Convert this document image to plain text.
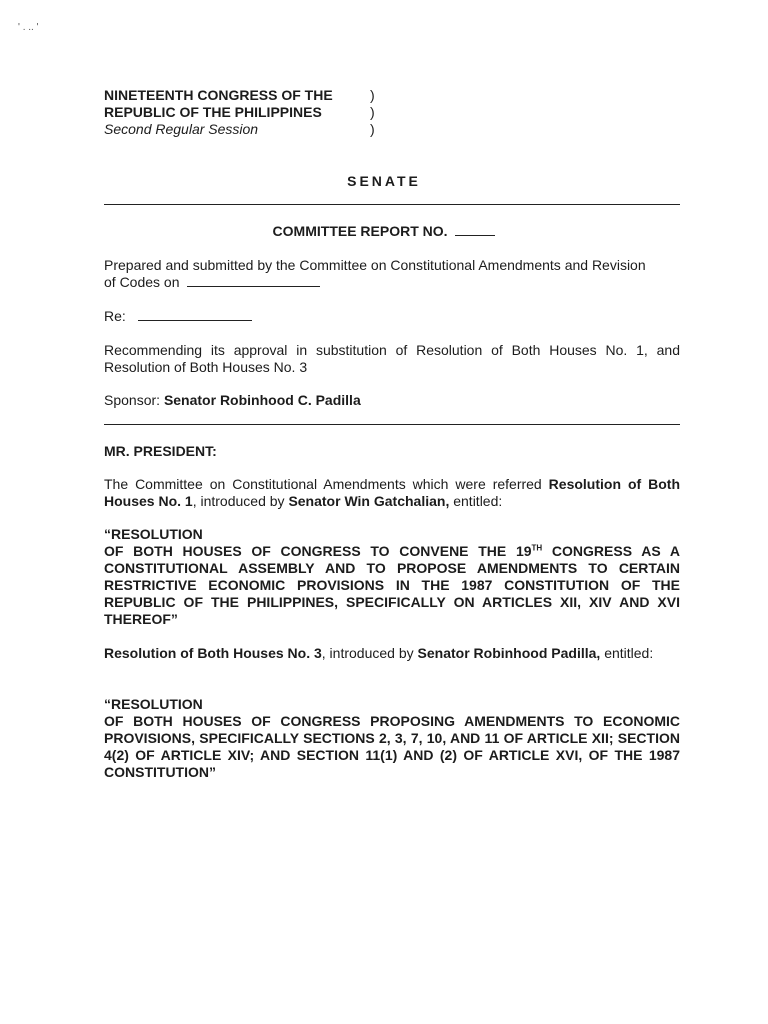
' . .. '
NINETEENTH CONGRESS OF THE	)
REPUBLIC OF THE PHILIPPINES	)
Second Regular Session	)
SENATE
COMMITTEE REPORT NO.
Prepared and submitted by the Committee on Constitutional Amendments and Revision
of Codes on
Re:
Recommending its approval in substitution of Resolution of Both Houses No. 1, and Resolution of Both Houses No. 3
Sponsor: Senator Robinhood C. Padilla
MR. PRESIDENT:
The Committee on Constitutional Amendments which were referred Resolution of Both Houses No. 1, introduced by Senator Win Gatchalian, entitled:
“RESOLUTION
OF BOTH HOUSES OF CONGRESS TO CONVENE THE 19TH CONGRESS AS A CONSTITUTIONAL ASSEMBLY AND TO PROPOSE AMENDMENTS TO CERTAIN RESTRICTIVE ECONOMIC PROVISIONS IN THE 1987 CONSTITUTION OF THE REPUBLIC OF THE PHILIPPINES, SPECIFICALLY ON ARTICLES XII, XIV AND XVI THEREOF”
Resolution of Both Houses No. 3, introduced by Senator Robinhood Padilla, entitled:
“RESOLUTION
OF BOTH HOUSES OF CONGRESS PROPOSING AMENDMENTS TO ECONOMIC PROVISIONS, SPECIFICALLY SECTIONS 2, 3, 7, 10, AND 11 OF ARTICLE XII; SECTION 4(2) OF ARTICLE XIV; AND SECTION 11(1) AND (2) OF ARTICLE XVI, OF THE 1987 CONSTITUTION”
